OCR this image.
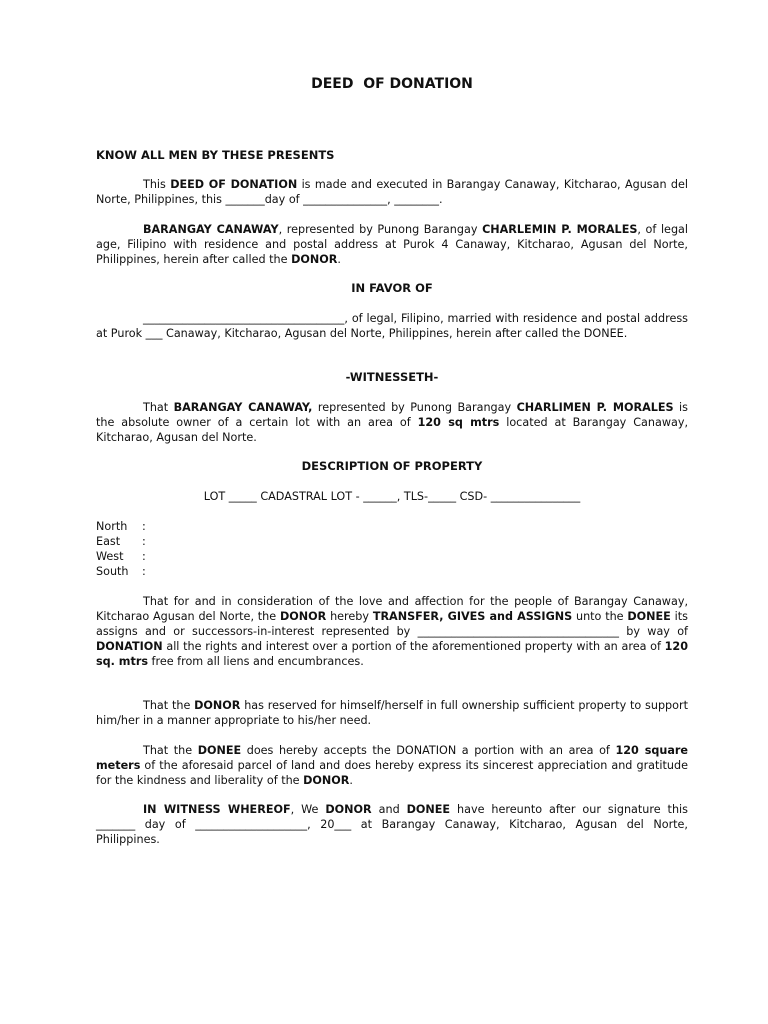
DEED  OF DONATION
KNOW ALL MEN BY THESE PRESENTS
This DEED OF DONATION is made and executed in Barangay Canaway, Kitcharao, Agusan del Norte, Philippines, this _______day of _______________, ________.
BARANGAY CANAWAY, represented by Punong Barangay CHARLEMIN P. MORALES, of legal age, Filipino with residence and postal address at Purok 4 Canaway, Kitcharao, Agusan del Norte, Philippines, herein after called the DONOR.
IN FAVOR OF
____________________________________, of legal, Filipino, married with residence and postal address at Purok ___ Canaway, Kitcharao, Agusan del Norte, Philippines, herein after called the DONEE.
-WITNESSETH-
That BARANGAY CANAWAY, represented by Punong Barangay CHARLIMEN P. MORALES is the absolute owner of a certain lot with an area of 120 sq mtrs located at Barangay Canaway, Kitcharao, Agusan del Norte.
DESCRIPTION OF PROPERTY
LOT _____ CADASTRAL LOT - ______, TLS-_____ CSD- ________________
North	:
East	:
West	:
South	:
That for and in consideration of the love and affection for the people of Barangay Canaway, Kitcharao Agusan del Norte, the DONOR hereby TRANSFER, GIVES and ASSIGNS unto the DONEE its assigns and or successors-in-interest represented by ____________________________________ by way of DONATION all the rights and interest over a portion of the aforementioned property with an area of 120 sq. mtrs free from all liens and encumbrances.
That the DONOR has reserved for himself/herself in full ownership sufficient property to support him/her in a manner appropriate to his/her need.
That the DONEE does hereby accepts the DONATION a portion with an area of 120 square meters of the aforesaid parcel of land and does hereby express its sincerest appreciation and gratitude for the kindness and liberality of the DONOR.
IN WITNESS WHEREOF, We DONOR and DONEE have hereunto after our signature this _______ day of ____________________, 20___ at Barangay Canaway, Kitcharao, Agusan del Norte, Philippines.
